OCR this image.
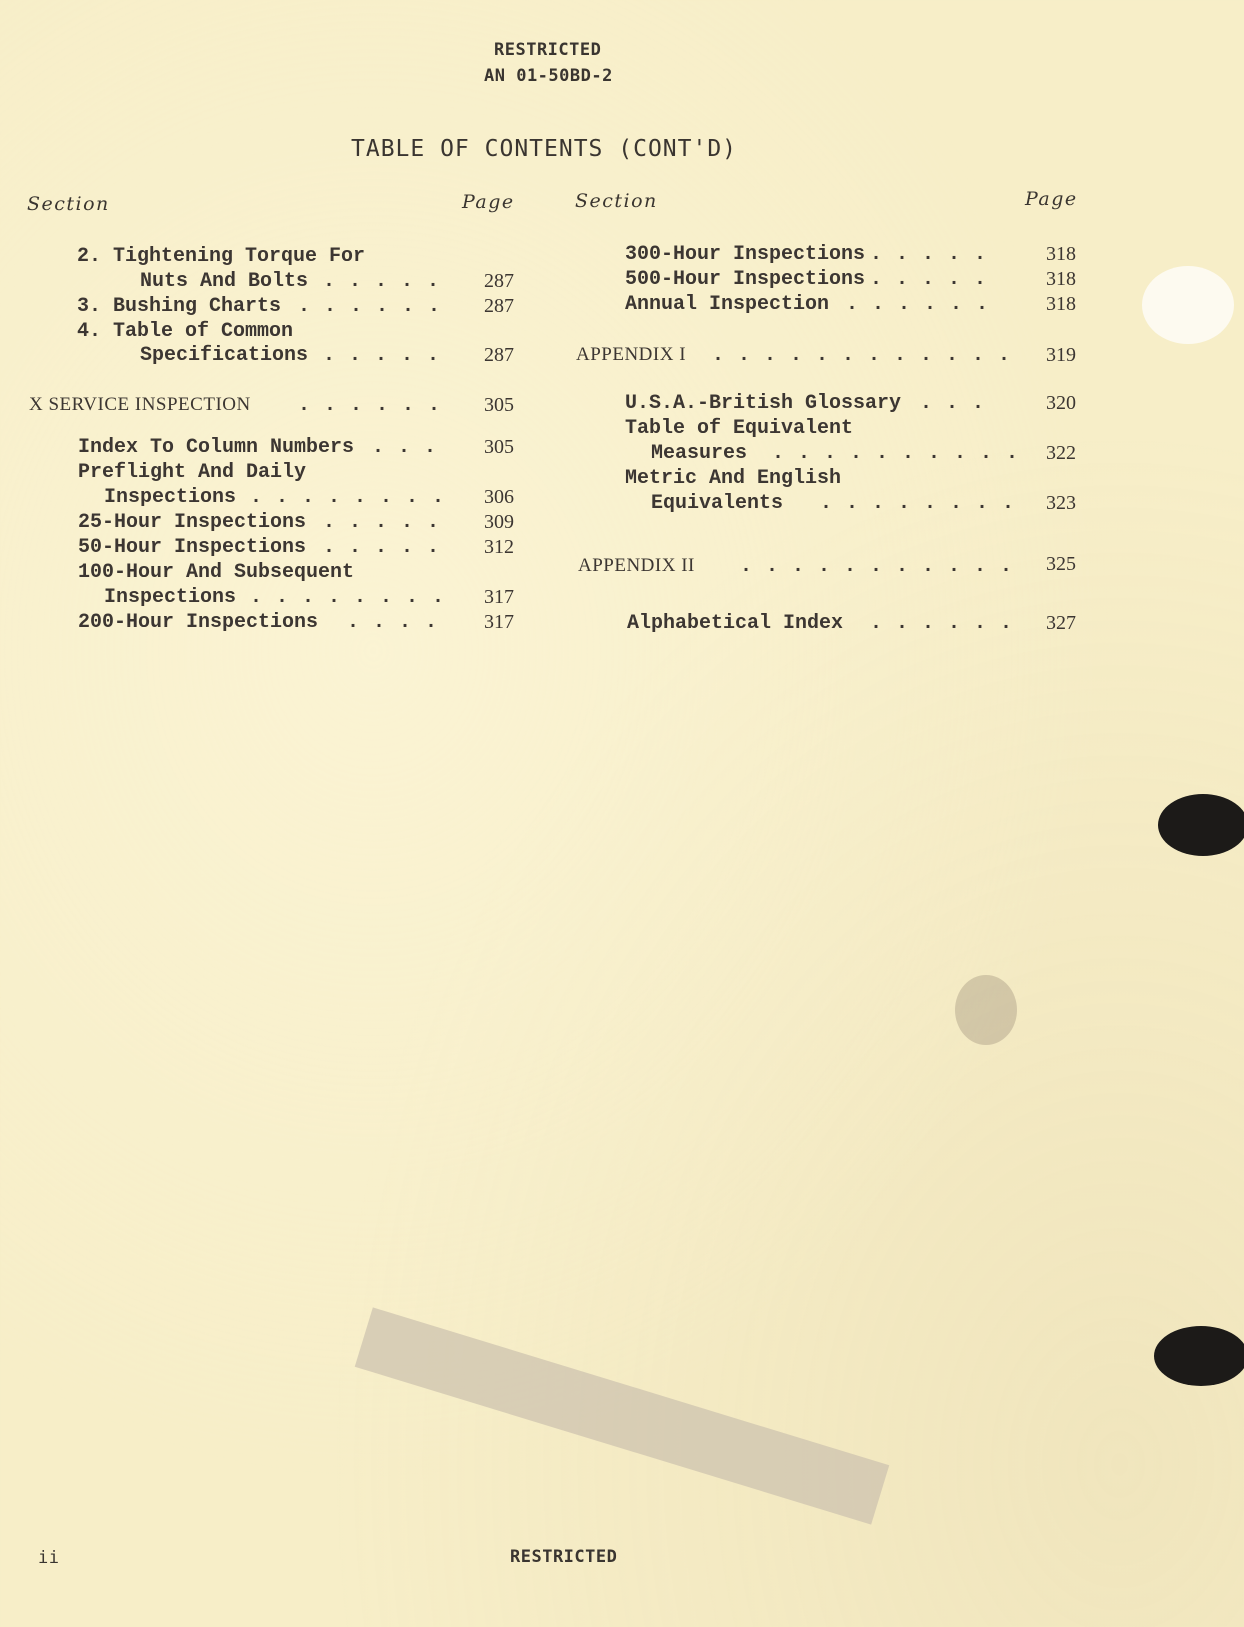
RESTRICTED
AN 01-50BD-2
TABLE OF CONTENTS (CONT'D)
Section	Page	Section	Page
2. Tightening Torque For
Nuts And Bolts . . . . .	287
3. Bushing Charts . . . . . .	287
4. Table of Common
Specifications . . . . .	287
X SERVICE INSPECTION . . . . . .	305
Index To Column Numbers . . .	305
Preflight And Daily
Inspections . . . . . . . .	306
25-Hour Inspections . . . . .	309
50-Hour Inspections . . . . .	312
100-Hour And Subsequent
Inspections . . . . . . . .	317
200-Hour Inspections . . . .	317
300-Hour Inspections . . . . .	318
500-Hour Inspections . . . . .	318
Annual Inspection . . . . . .	318
APPENDIX I . . . . . . . . . . . .	319
U.S.A.-British Glossary . . .	320
Table of Equivalent
Measures . . . . . . . . . .	322
Metric And English
Equivalents . . . . . . . .	323
APPENDIX II . . . . . . . . . . .	325
Alphabetical Index . . . . . .	327
ii	RESTRICTED
